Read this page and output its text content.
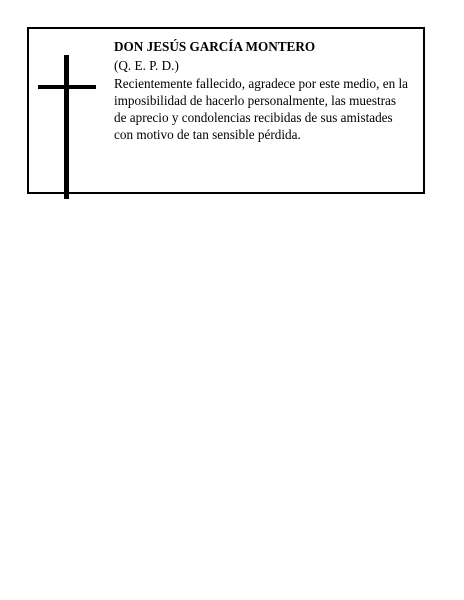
DON JESÚS GARCÍA MONTERO

(Q. E. P. D.)

Recientemente fallecido, agradece por este medio, en la
imposibilidad de hacerlo personalmente, las muestras
de aprecio y condolencias recibidas de sus amistades
con motivo de tan sensible pérdida.
